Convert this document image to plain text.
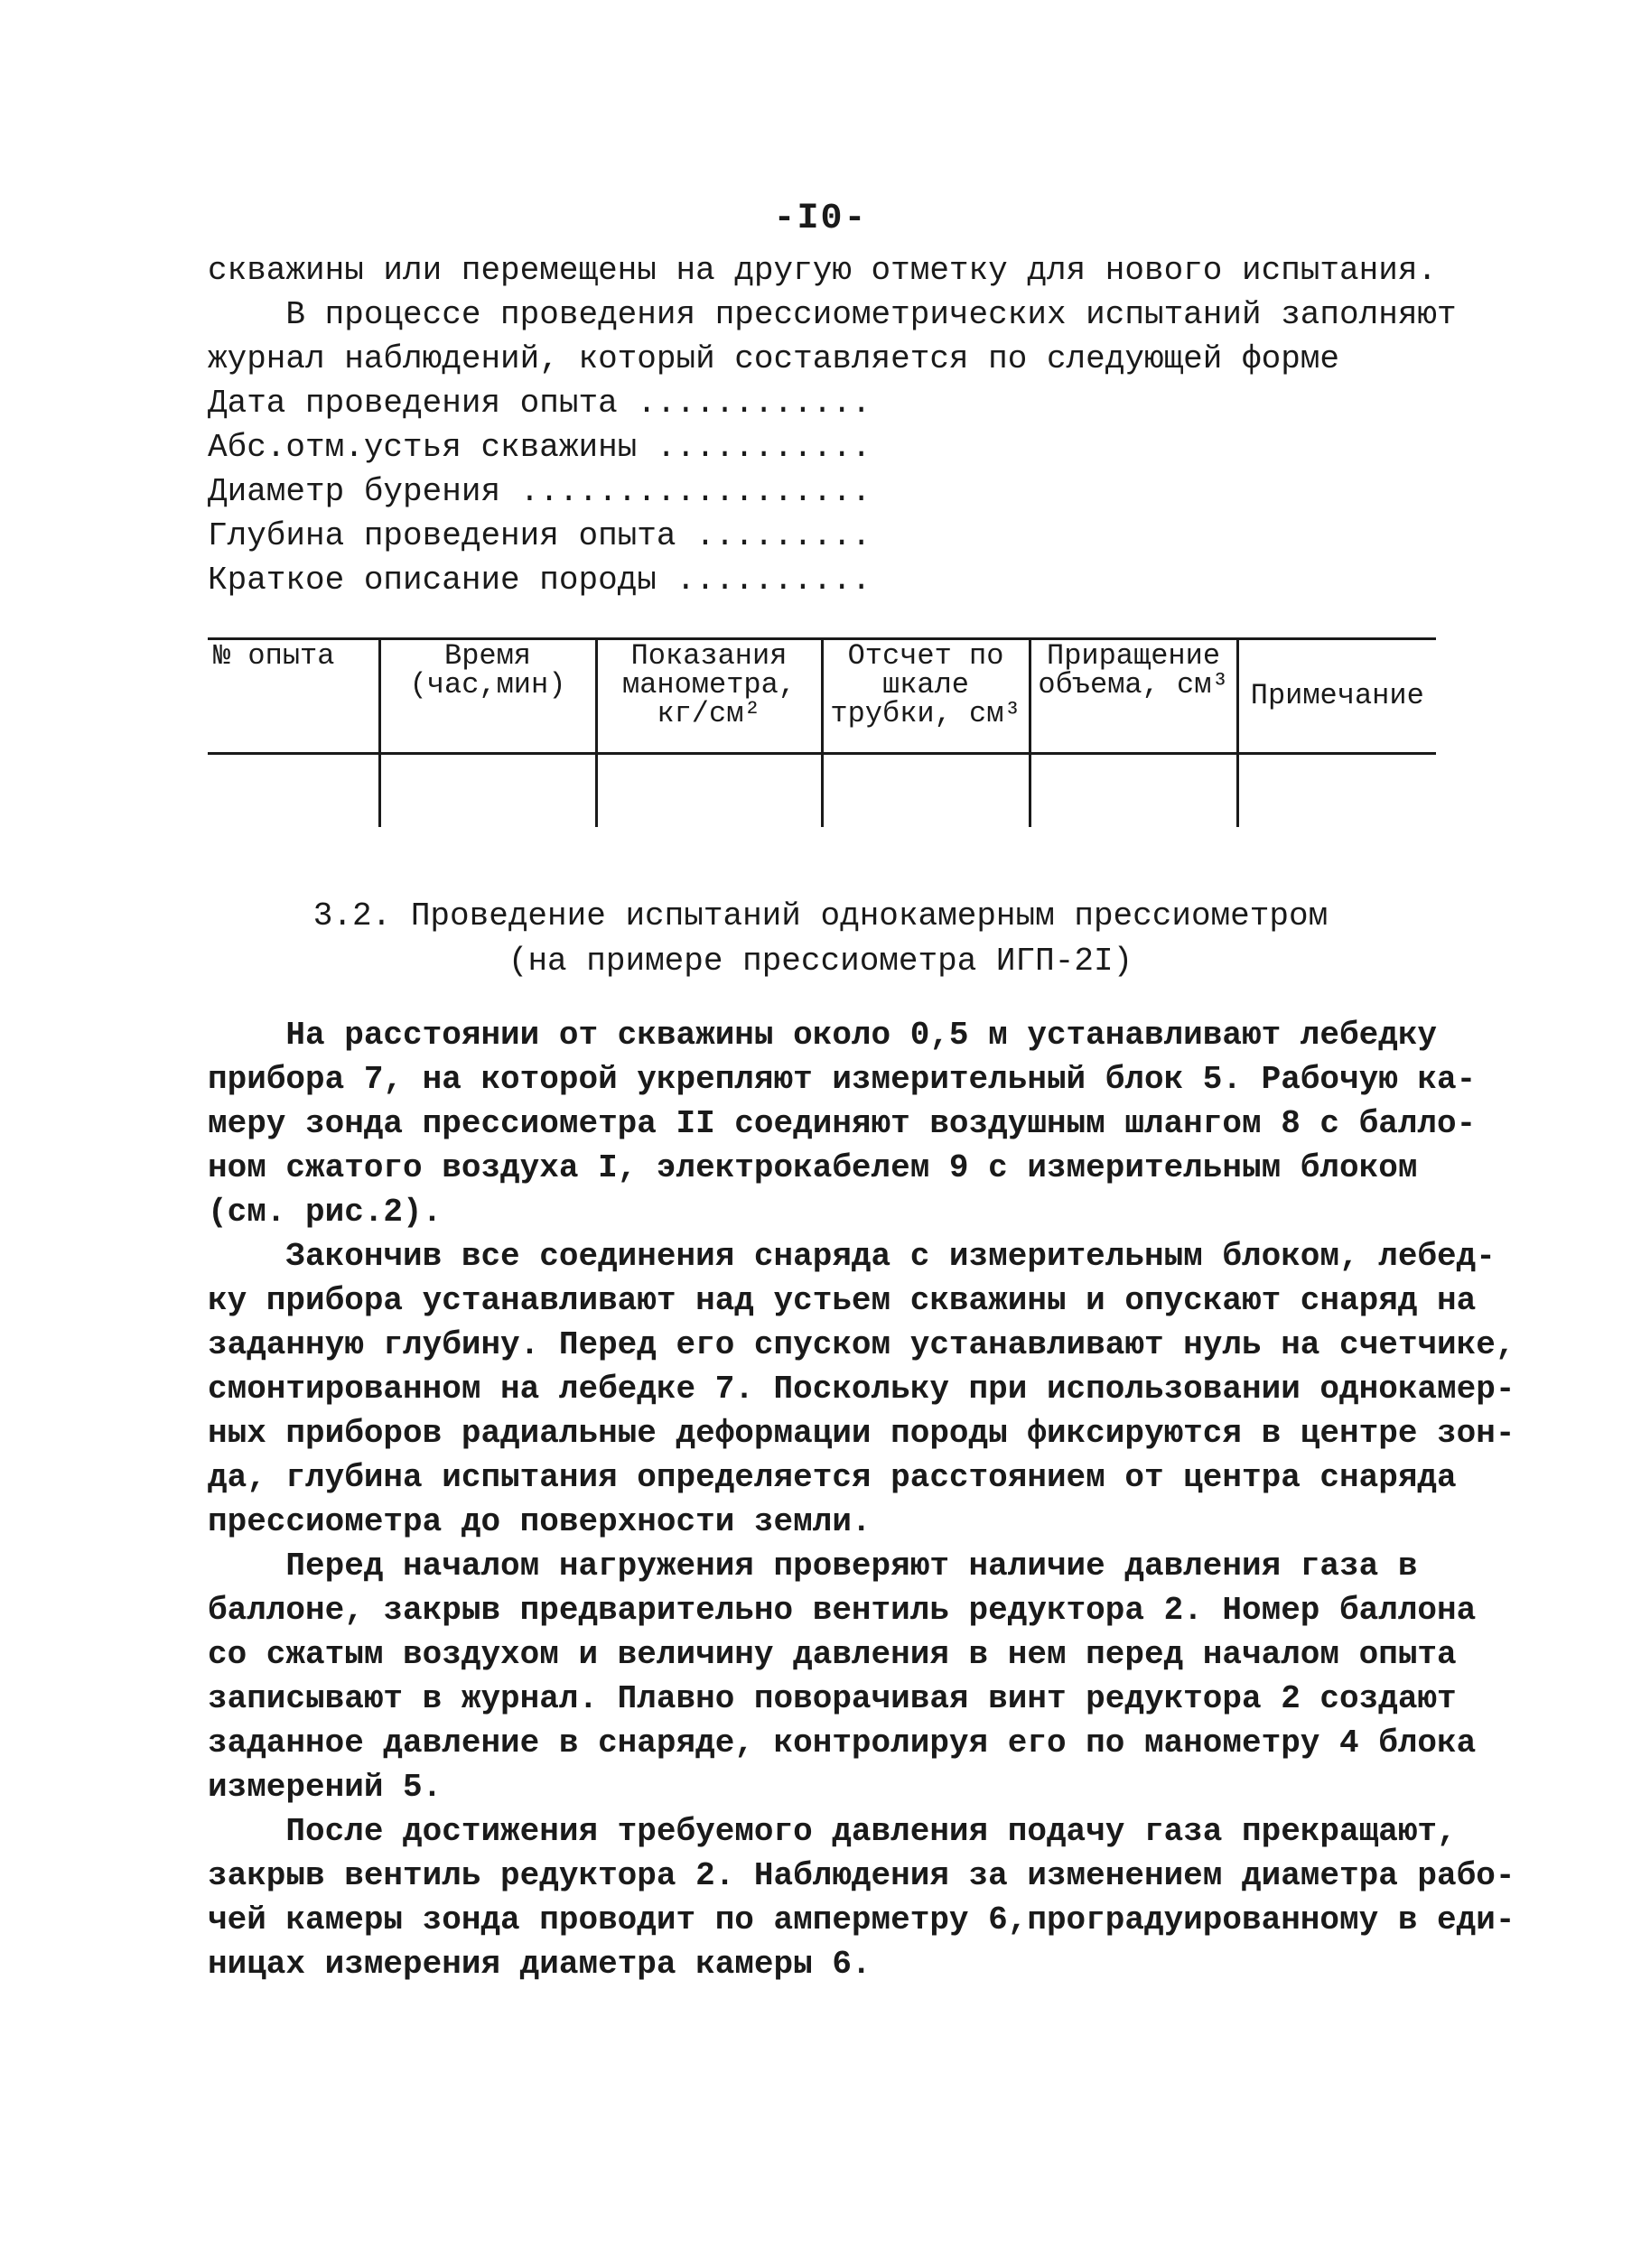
-I0-
скважины или перемещены на другую отметку для нового испытания.
В процессе проведения прессиометрических испытаний заполняют
журнал наблюдений, который составляется по следующей форме
Дата проведения опыта ............
Абс.отм.устья скважины ...........
Диаметр бурения ..................
Глубина проведения опыта .........
Краткое описание породы ..........
№ опыта	Время (час,мин)	Показания манометра, кг/см²	Отсчет по шкале трубки, см³	Приращение объема, см³	Примечание

3.2. Проведение испытаний однокамерным прессиометром
(на примере прессиометра ИГП-2I)
На расстоянии от скважины около 0,5 м устанавливают лебедку
прибора 7, на которой укрепляют измерительный блок 5. Рабочую ка-
меру зонда прессиометра II соединяют воздушным шлангом 8 с балло-
ном сжатого воздуха I, электрокабелем 9 с измерительным блоком
(см. рис.2).
Закончив все соединения снаряда с измерительным блоком, лебед-
ку прибора устанавливают над устьем скважины и опускают снаряд на
заданную глубину. Перед его спуском устанавливают нуль на счетчике,
смонтированном на лебедке 7. Поскольку при использовании однокамер-
ных приборов радиальные деформации породы фиксируются в центре зон-
да, глубина испытания определяется расстоянием от центра снаряда
прессиометра до поверхности земли.
Перед началом нагружения проверяют наличие давления газа в
баллоне, закрыв предварительно вентиль редуктора 2. Номер баллона
со сжатым воздухом и величину давления в нем перед началом опыта
записывают в журнал. Плавно поворачивая винт редуктора 2 создают
заданное давление в снаряде, контролируя его по манометру 4 блока
измерений 5.
После достижения требуемого давления подачу газа прекращают,
закрыв вентиль редуктора 2. Наблюдения за изменением диаметра рабо-
чей камеры зонда проводит по амперметру 6,проградуированному в еди-
ницах измерения диаметра камеры 6.
